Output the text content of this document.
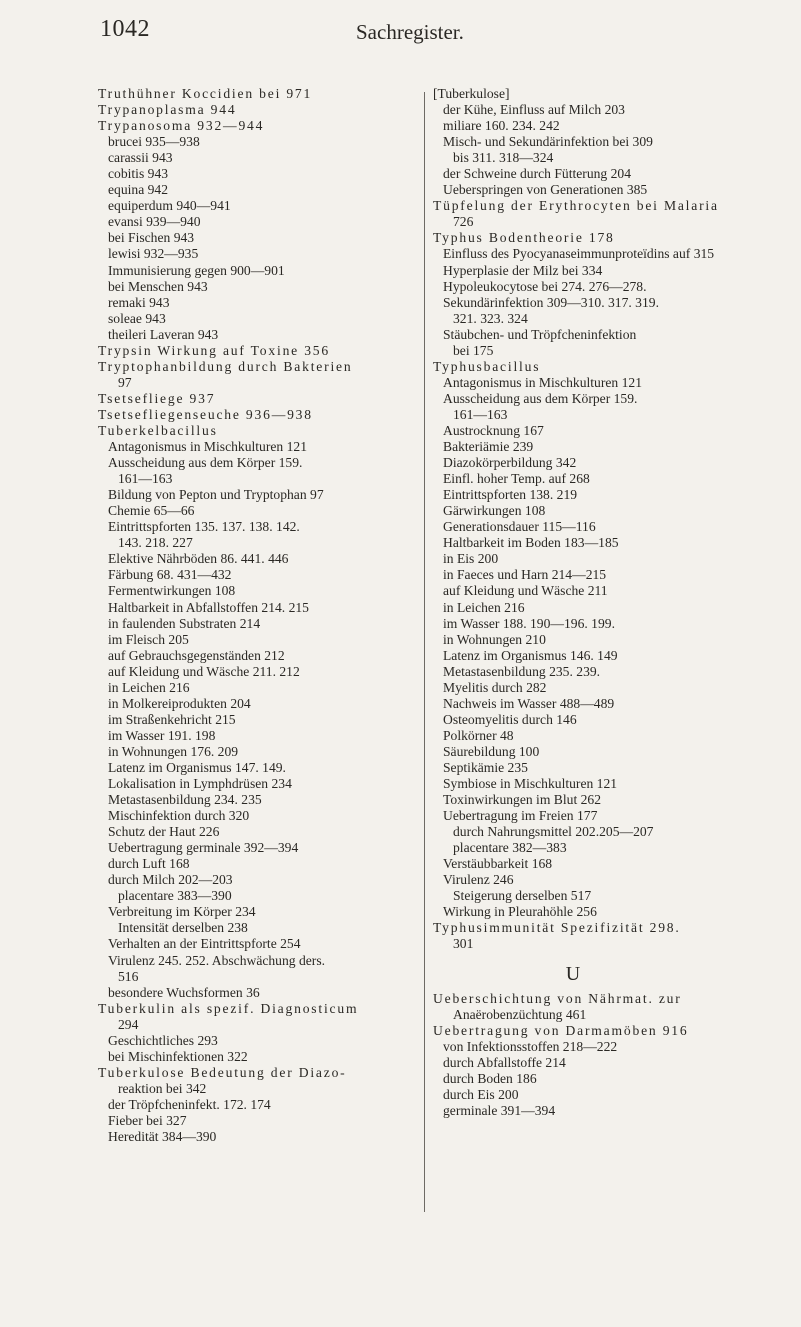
1042	Sachregister.
Truthühner Koccidien bei 971
Trypanoplasma 944
Trypanosoma 932—944
brucei 935—938
carassii 943
cobitis 943
equina 942
equiperdum 940—941
evansi 939—940
bei Fischen 943
lewisi 932—935
Immunisierung gegen 900—901
bei Menschen 943
remaki 943
soleae 943
theileri Laveran 943
Trypsin Wirkung auf Toxine 356
Tryptophanbildung durch Bakterien
97
Tsetsefliege 937
Tsetsefliegenseuche 936—938
Tuberkelbacillus
Antagonismus in Mischkulturen 121
Ausscheidung aus dem Körper 159.
161—163
Bildung von Pepton und Tryptophan 97
Chemie 65—66
Eintrittspforten 135. 137. 138. 142.
143. 218. 227
Elektive Nährböden 86. 441. 446
Färbung 68. 431—432
Fermentwirkungen 108
Haltbarkeit in Abfallstoffen 214. 215
in faulenden Substraten 214
im Fleisch 205
auf Gebrauchsgegenständen 212
auf Kleidung und Wäsche 211. 212
in Leichen 216
in Molkereiprodukten 204
im Straßenkehricht 215
im Wasser 191. 198
in Wohnungen 176. 209
Latenz im Organismus 147. 149.
Lokalisation in Lymphdrüsen 234
Metastasenbildung 234. 235
Mischinfektion durch 320
Schutz der Haut 226
Uebertragung germinale 392—394
durch Luft 168
durch Milch 202—203
placentare 383—390
Verbreitung im Körper 234
Intensität derselben 238
Verhalten an der Eintrittspforte 254
Virulenz 245. 252. Abschwächung ders.
516
besondere Wuchsformen 36
Tuberkulin als spezif. Diagnosticum
294
Geschichtliches 293
bei Mischinfektionen 322
Tuberkulose Bedeutung der Diazo-
reaktion bei 342
der Tröpfcheninfekt. 172. 174
Fieber bei 327
Heredität 384—390
[Tuberkulose]
der Kühe, Einfluss auf Milch 203
miliare 160. 234. 242
Misch- und Sekundärinfektion bei 309
bis 311. 318—324
der Schweine durch Fütterung 204
Ueberspringen von Generationen 385
Tüpfelung der Erythrocyten bei Malaria
726
Typhus Bodentheorie 178
Einfluss des Pyocyanaseimmunproteïdins auf 315
Hyperplasie der Milz bei 334
Hypoleukocytose bei 274. 276—278.
Sekundärinfektion 309—310. 317. 319.
321. 323. 324
Stäubchen- und Tröpfcheninfektion
bei 175
Typhusbacillus
Antagonismus in Mischkulturen 121
Ausscheidung aus dem Körper 159.
161—163
Austrocknung 167
Bakteriämie 239
Diazokörperbildung 342
Einfl. hoher Temp. auf 268
Eintrittspforten 138. 219
Gärwirkungen 108
Generationsdauer 115—116
Haltbarkeit im Boden 183—185
in Eis 200
in Faeces und Harn 214—215
auf Kleidung und Wäsche 211
in Leichen 216
im Wasser 188. 190—196. 199.
in Wohnungen 210
Latenz im Organismus 146. 149
Metastasenbildung 235. 239.
Myelitis durch 282
Nachweis im Wasser 488—489
Osteomyelitis durch 146
Polkörner 48
Säurebildung 100
Septikämie 235
Symbiose in Mischkulturen 121
Toxinwirkungen im Blut 262
Uebertragung im Freien 177
durch Nahrungsmittel 202.205—207
placentare 382—383
Verstäubbarkeit 168
Virulenz 246
Steigerung derselben 517
Wirkung in Pleurahöhle 256
Typhusimmunität Spezifizität 298.
301
U
Ueberschichtung von Nährmat. zur
Anaërobenzüchtung 461
Uebertragung von Darmamöben 916
von Infektionsstoffen 218—222
durch Abfallstoffe 214
durch Boden 186
durch Eis 200
germinale 391—394
